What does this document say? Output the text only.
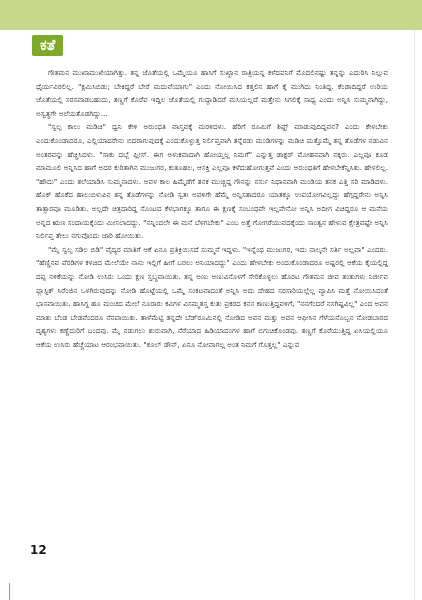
ಕತೆ

ಗೌತಮನ ಮುಖಾಮುಖಿಯಾಗಿತ್ತು. ತನ್ನ ಜೊತೆಯಲ್ಲಿ ಒಮ್ಮೆಯೂ ಹಾಸಿಗೆ ಸುಖ್ಖಾನ ರಾತ್ರಿಯನ್ನ ಕಳೆದವನಿಗೆ ಮೊದಲಿನಷ್ಟು ತನ್ನನ್ನು ಎದುರಿಸಿ ನಿಲ್ಲುವ ಧೈರ್ಯವಿರಲಿಲ್ಲ. "ಕ್ಷಮಿಸಿಬಿಡು; ಬೇಕಿದ್ದರೆ ಬೇರೆ ಮದುವೆಯಾಗು" ಎಂದು ನೋಯಿಸಿದ ಕತ್ತಲಿನ ಹಾಗೆ ಕೈ ಮುಗಿದು ನಿಂತಿದ್ದ. ಕೆಂಡಾದಿದ್ದರೆ ಉರಿಯ ಜೊತೆಯಲ್ಲಿ ಸರಸವಾಡಬಹುದು, ತಣ್ಣಗೆ ಕೊರೆವ ಇದ್ದಿಲ ಜೊತೆಯಲ್ಲಿ ಗುದ್ದಾಡಿದರೆ ಮಸಿಯಲ್ಲದೆ ಮತ್ತೇನು ಸಿಗಲಿಕ್ಕೆ ಸಾಧ್ಯ ಎಂದು ಅನ್ನಿಸಿ ಸುಮ್ಮನಾಗಿದ್ದು, ಅಸ್ವತ್ಥಗೇ ಅಲೆಯತೊಡಗಿದ್ದು...

"ಸ್ವಲ್ಪ ಕಾಲು ಮಡಿಚಿ" ಧ್ವನಿ ಕೇಳಿ ಅರುಂಧತಿ ವಾಸ್ತವಕ್ಕೆ ಮರಳಿದಳು. ಹೆರಿಗೆ ರೂಮಿಗೆ ಶಿಫ್ಟ್ ಮಾಡುವುದಿದ್ದವನ? ಎಂದು ಕೇಳಬೇಕು ಎಂದುಕೊಂಡಾದರೂ, ಎಲ್ಲಿಯಾದರೇನು ಬಿದರಾಗುವುದಕ್ಕೆ ಎಂದುಕೊಳ್ಳುತ್ತ ನಿರ್ಲಿಪ್ತವಾಗಿ ತನ್ನೆರಡು ಮಂಡಿಗಳನ್ನು ಮಡಿಚಿ ಮತ್ತೊಮ್ಮೆ ತನ್ನ ತೊಡೆಗಳ ನಡುವಿನ ಅಂತರವನ್ನು ಹೆಚ್ಚಿಸಿದಳು. "ಸಾಕು ದಬ್ಬೆ ಪ್ಲೀಸ್. ಈಗ ಅಳುಕವಾದಾಗಿ ಹೋಯ್ತಲ್ಲ ನಿಮಗೆ" ಎನ್ನುತ್ತ ಡಾಕ್ಟರ್ ಮೋಹನವಾಗಿ ನಕ್ಕರು. ಎಲ್ಲವೂ ಕೂಡ ಮಾಮೂಲಿ ಅನ್ನಿಸಿದ ಹಾಗೆ ಅದರ ಕುರಿತಾಗಿನ ಮುಜುಗರ, ಕುತೂಹಲ, ಆಸಕ್ತಿ ಎಲ್ಲವೂ ಕಳೆದುಹೋಗುತ್ತವೆ ಎಂದು ಅರುಂಧತಿಗೆ ಹೇಳಬೇಕೆನ್ನಿಸಿತು. ಹೇಳಲಿಲ್ಲ. "ಹೌದು" ಎಂದು ತಲೆಯಾಡಿಸಿ ಸುಮ್ಮನಾದಳು. ಅವಳ ಕಾಲ ಹಿಮ್ಮೆಡೆಗೆ ತನಕ ಮುಚ್ಚಿದ್ದ ಗೌನನ್ನು ನರ್ಸು ನಿಧಾನವಾಗಿ ಮಂಡಿಯ ತನಕ ಎತ್ತಿ ಸರಿ ಮಾಡಿದಳು. ಹೊಕ್ ಹೊಕೆದ ಹಾಲುಬಿಳುಪಿನ ತನ್ನ ತೊಡೆಗಳನ್ನು ನೋಡಿ ಸ್ವತಃ ಅವಳಿಗೇ ಹೆಮ್ಮೆ ಅನ್ನಿಸತಾದರೂ ಯಾತಕ್ಕೂ ಉಪಯೋಗವಿಲ್ಲದ್ದು ಹೆಗ್ಗದ್ದರೇನು ಅನ್ನಿಸಿ ತಾತ್ಸಾರವೂ ಮೂಡಿತು. ಅಲ್ಲದೇ ಚಿತ್ರದಾರಿದ್ದ ಸೊಂಟದ ಕೆಳಭಾಗಕ್ಕೂ ತಾಗೂ ಈ ಕ್ಷಣಕ್ಕೆ ಸಂಬಂಧವೇ ಇಲ್ಲವೇನೋ ಅನ್ನಿಸಿ ಅದೀಗ ವಿಚಿದ್ದರೂ ಆ ಮನೆಯ ಅನ್ನದ ಋಣ ಸಂದಾಯಕ್ಕೆಂದು ಮೀಸಲಾದದ್ದು. "ನನ್ನಿಂದಲೇ ಈ ಮನೆ ಬೆಳಗಬೇಕು" ಎಂಬ ಅತ್ತೆ ಗೋಗರೆಯುವದಕ್ಕೆಂದು ಸಾಂತ್ವನ ಹೇಳುವ ಕ್ಷೇತ್ರವಷ್ಟೇ ಅನ್ನಿಸಿ ನಿರ್ಲಿಪ್ತ ತೇಲು ನಗುವೊಂದು ಜಾರಿ ಹೋಯಿತು.

"ಮೈ ಸ್ವಲ್ಪ ಸಡಿಲ ಬಿಡಿ" ವೈದ್ಯರ ಮಾತಿಗೆ ಆಕೆ ಏನೂ ಪ್ರತಿಕ್ರಿಯಿಸದೆ ಸುಮ್ಮನೆ ಇದ್ದಳು. "ಇನ್ನೆಂಥ ಮುಜುಗರ, ಇದು ನಾಲ್ಕನೇ ಸರ್ತಿ ಅಲ್ಲವಾ" ಎಂದರು. "ಹೆಣ್ಣಿನವ ಪೆರಡಿಗಳ ಕಳಚಿದ ಮೇಲೆಯೇ ನಾನು ಇಲ್ಲಿಗೆ ಹೀಗೆ ಬರಲು ಅನಿಯಾದದ್ದು" ಎಂದು ಹೇಳಬೇಕು ಅಂದುಕೊಂಡಾದರೂ ಅಷ್ಟರಲ್ಲಿ ಆಕೆಯ ಕೈಯಲ್ಲಿದ್ದ ದಪ್ಪ ನಳಿಕೆಯನ್ನು ನೋಡಿ ಉಸಿರು ಒಂದು ಕ್ಷಣ ಸ್ತಬ್ಧವಾಯಿತು. ತನ್ನ ಅಣು ಅಣುವಿನೊಳಗೆ ಸೇರಿಕೊಳ್ಳಲು ಹೊರಟ ಗೌತಮನ ಜೀವ ತಂತುಗಳು ನಿರ್ಜೀವ ಪ್ಲಾಸ್ಟಿಕ್ ಸಿರೆಂಜಿನ ಒಳಗಿರುವುದನ್ನು ನೋಡಿ ಹೊಟ್ಟೆಯಲ್ಲಿ ಒಮ್ಮೆ ಸಂಕಟವಾದಂತೆ ಅನ್ನಿಸಿ ಅದು ದೇಹದ ಸರಸಾರಿಯಲ್ಲೆಲ್ಲ ವ್ಯಾಪಿಸಿ ಮತ್ತೆ ನೋಯಿಸಿದಂತೆ ಭಾಸವಾಯಿತು. ಹಾಸಿಗ್ದ ಹೂ ಮಂಚದ ಮೇಲೆ ನೂರಾರು ಕವಿಗಳ ವಿಸಮ್ಮತಸ್ತ ಕುತು ಪ್ರಕರದ ಕನಸ ಕಾಣುತ್ತಿದ್ದವಳಿಗೆ, "ನನಗೆಂದರೆ ನಸಗಿಷ್ಟವಿಲ್ಲ" ಎಂದ ಅವನ ಮಾತು ಬೆಂಡ ಬೇಡವೆಂದರೂ ನೆನಪಾಯಿತು. ತಾಳೆಮೆಟ್ಟಿ ತನ್ನದೇ ಬೆಡ್‌ರೂಮಿನಲ್ಲಿ ನೋಡಿದ ಅವನ ಮತ್ತು ಅವನ ಆಫೀಸಿನ ಗೆಳೆಯನೊಬ್ಬನ ನೋಡಬಾರದ ದೃಶ್ಯಗಳು ಕಣ್ಣೆದುರಿಗೆ ಬಂದವು. ಮೈ ನಡುಗಲು ಶುರುವಾಗಿ, ನೆರೆಯಾದ ಹಿಡಿಯಾದಂಗಳ ಹಾಗೆ ಬಿಗುಚಿಕೊಂಡವು. ತಣ್ಣಗೆ ಕೊರೆಯುತ್ತಿದ್ದ ಏಸಿಯಲ್ಲಿಯೂ ಆಕೆಯ ಉಸಿರು ಹೆಚ್ಚೆಯಾಟ ಆರಂಭವಾಯಿತು. "ಕೂಲ್ ಡೌನ್, ಏನೂ ನೋವಾಗಲ್ಲ ಅಂತ ನಿಮಗೆ ಗೊತ್ತಲ್ಲ" ಎನ್ನುವ

12
